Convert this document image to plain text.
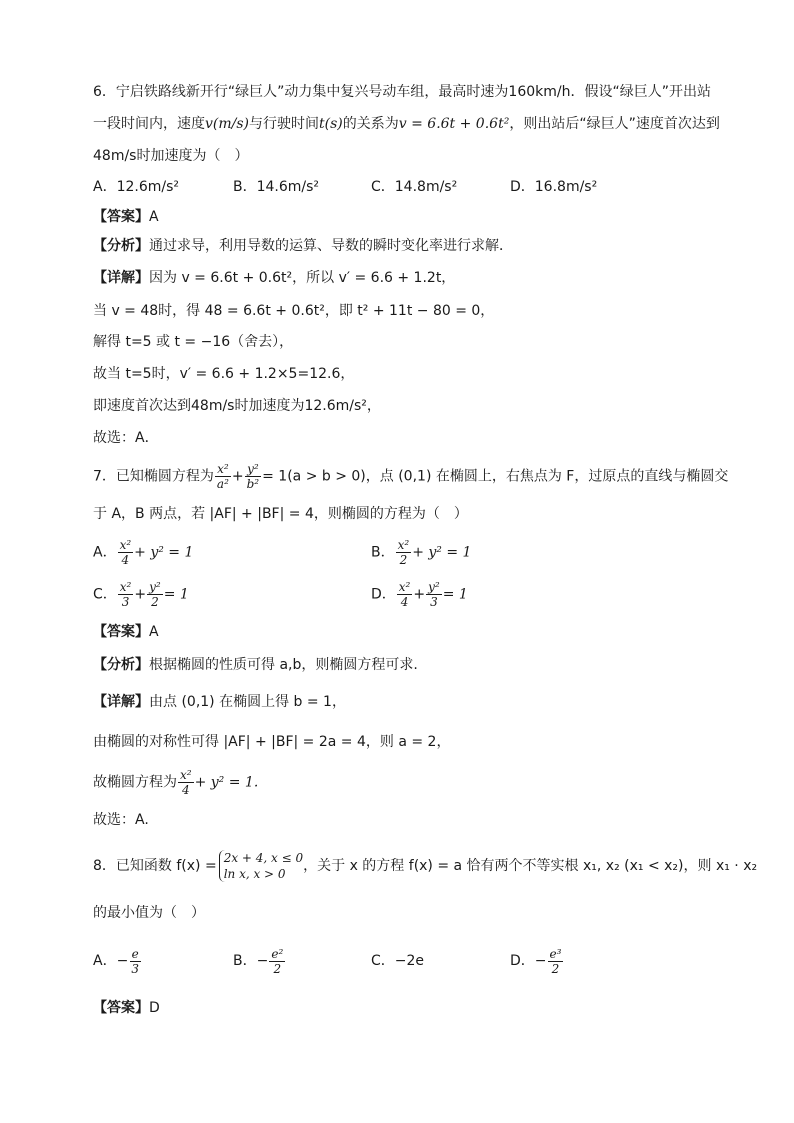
6．宁启铁路线新开行“绿巨人”动力集中复兴号动车组，最高时速为160km/h．假设“绿巨人”开出站
一段时间内，速度v(m/s)与行驶时间t(s)的关系为v = 6.6t + 0.6t²，则出站后“绿巨人”速度首次达到
48m/s时加速度为（　）
A．12.6m/s²	B．14.6m/s²	C．14.8m/s²	D．16.8m/s²
【答案】A
【分析】通过求导，利用导数的运算、导数的瞬时变化率进行求解．
【详解】因为 v = 6.6t + 0.6t²，所以 v′ = 6.6 + 1.2t，
当 v = 48时，得 48 = 6.6t + 0.6t²，即 t² + 11t − 80 = 0，
解得 t=5 或 t = −16（舍去），
故当 t=5时，v′ = 6.6 + 1.2×5=12.6，
即速度首次达到48m/s时加速度为12.6m/s²，
故选：A．
7．已知椭圆方程为 $\frac{\text{x²}}{\text{a²}} + \frac{\text{y²}}{\text{b²}} = 1(a > b > 0)$，点 (0,1) 在椭圆上，右焦点为 F，过原点的直线与椭圆交
于 A，B 两点，若 |AF| + |BF| = 4，则椭圆的方程为（　）
A． $\frac{\text{x²}}{4} + y^2 = 1$	B． $\frac{\text{x²}}{2} + y^2 = 1$
C． $\frac{\text{x²}}{3} + \frac{\text{y²}}{2} = 1$	D． $\frac{\text{x²}}{4} + \frac{\text{y²}}{3} = 1$
【答案】A
【分析】根据椭圆的性质可得 a,b，则椭圆方程可求.
【详解】由点 (0,1) 在椭圆上得 b = 1，
由椭圆的对称性可得 |AF| + |BF| = 2a = 4，则 a = 2，
故椭圆方程为 $\frac{\text{x²}}{4} + y^2 = 1$.
故选：A.
8．已知函数 f(x) = 2x + 4, x ≤ 0
ln x, x > 0	，关于 x 的方程 f(x) = a 恰有两个不等实根 x₁, x₂ (x₁ < x₂)，则 x₁ · x₂
的最小值为（　）
A．− $\frac{e}{3}$	B．− $\frac{\text{e²}}{2}$	C．−2e	D．− $\frac{\text{e³}}{2}$
【答案】D
